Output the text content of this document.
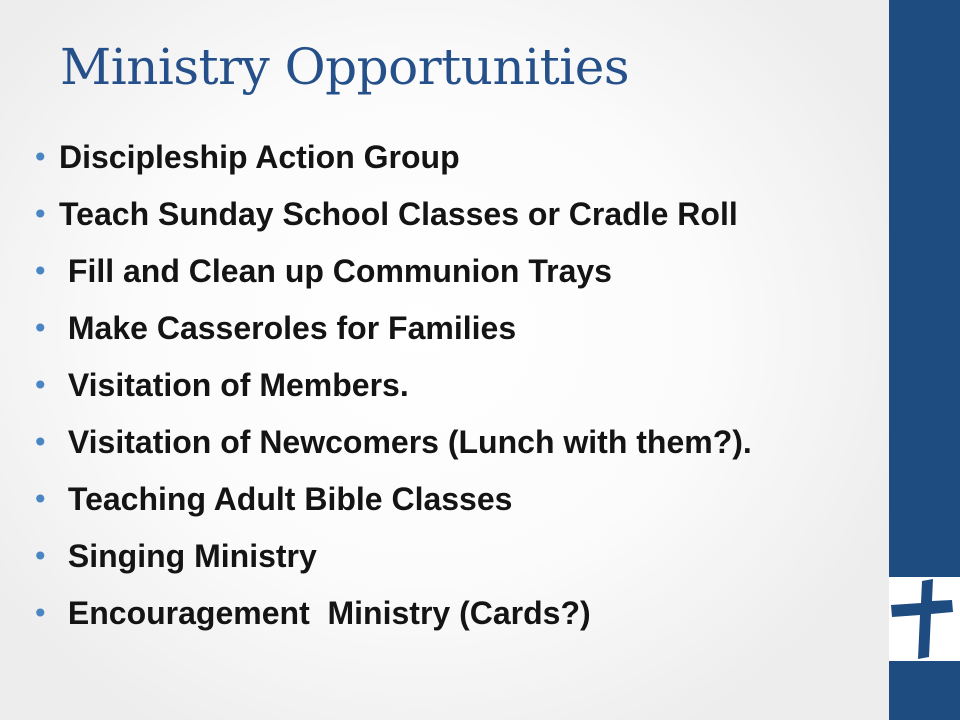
Ministry Opportunities
• Discipleship Action Group
• Teach Sunday School Classes or Cradle Roll
• Fill and Clean up Communion Trays
• Make Casseroles for Families
• Visitation of Members.
• Visitation of Newcomers (Lunch with them?).
• Teaching Adult Bible Classes
• Singing Ministry
• Encouragement  Ministry (Cards?)
